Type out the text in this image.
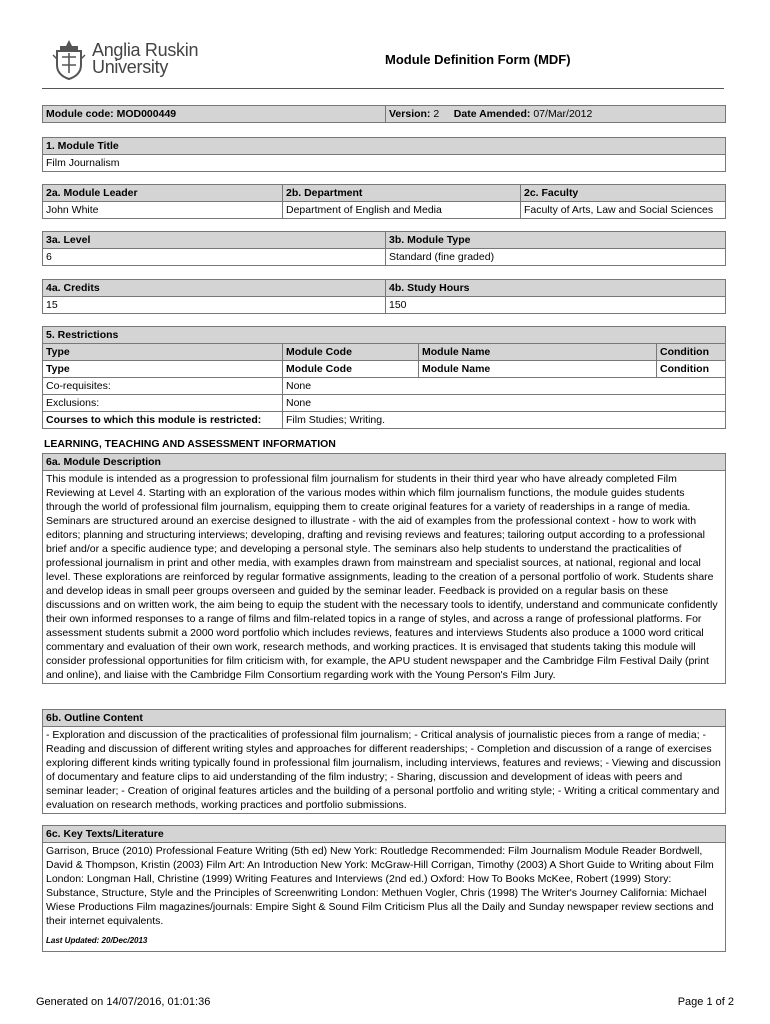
Anglia Ruskin
University	Module Definition Form (MDF)
Module code: MOD000449	Version: 2 Date Amended: 07/Mar/2012
1. Module Title
Film Journalism
2a. Module Leader	2b. Department	2c. Faculty
John White	Department of English and Media	Faculty of Arts, Law and Social Sciences
3a. Level	3b. Module Type
6	Standard (fine graded)
4a. Credits	4b. Study Hours
15	150
5. Restrictions			
Type	Module Code	Module Name	Condition
Type	Module Code	Module Name	Condition
Co-requisites:	None		
Exclusions:	None		
Courses to which this module is restricted:	Film Studies; Writing.		
LEARNING, TEACHING AND ASSESSMENT INFORMATION
6a. Module Description
This module is intended as a progression to professional film journalism for students in their third year who have already completed Film Reviewing at Level 4. Starting with an exploration of the various modes within which film journalism functions, the module guides students through the world of professional film journalism, equipping them to create original features for a variety of readerships in a range of media. Seminars are structured around an exercise designed to illustrate - with the aid of examples from the professional context - how to work with editors; planning and structuring interviews; developing, drafting and revising reviews and features; tailoring output according to a professional brief and/or a specific audience type; and developing a personal style. The seminars also help students to understand the practicalities of professional journalism in print and other media, with examples drawn from mainstream and specialist sources, at national, regional and local level. These explorations are reinforced by regular formative assignments, leading to the creation of a personal portfolio of work. Students share and develop ideas in small peer groups overseen and guided by the seminar leader. Feedback is provided on a regular basis on these discussions and on written work, the aim being to equip the student with the necessary tools to identify, understand and communicate confidently their own informed responses to a range of films and film-related topics in a range of styles, and across a range of professional platforms. For assessment students submit a 2000 word portfolio which includes reviews, features and interviews Students also produce a 1000 word critical commentary and evaluation of their own work, research methods, and working practices. It is envisaged that students taking this module will consider professional opportunities for film criticism with, for example, the APU student newspaper and the Cambridge Film Festival Daily (print and online), and liaise with the Cambridge Film Consortium regarding work with the Young Person's Film Jury.
6b. Outline Content
- Exploration and discussion of the practicalities of professional film journalism; - Critical analysis of journalistic pieces from a range of media; - Reading and discussion of different writing styles and approaches for different readerships; - Completion and discussion of a range of exercises exploring different kinds writing typically found in professional film journalism, including interviews, features and reviews; - Viewing and discussion of documentary and feature clips to aid understanding of the film industry; - Sharing, discussion and development of ideas with peers and seminar leader; - Creation of original features articles and the building of a personal portfolio and writing style; - Writing a critical commentary and evaluation on research methods, working practices and portfolio submissions.
6c. Key Texts/Literature
Garrison, Bruce (2010) Professional Feature Writing (5th ed) New York: Routledge Recommended: Film Journalism Module Reader Bordwell, David & Thompson, Kristin (2003) Film Art: An Introduction New York: McGraw-Hill Corrigan, Timothy (2003) A Short Guide to Writing about Film London: Longman Hall, Christine (1999) Writing Features and Interviews (2nd ed.) Oxford: How To Books McKee, Robert (1999) Story: Substance, Structure, Style and the Principles of Screenwriting London: Methuen Vogler, Chris (1998) The Writer's Journey California: Michael Wiese Productions Film magazines/journals: Empire Sight & Sound Film Criticism Plus all the Daily and Sunday newspaper review sections and their internet equivalents.
Last Updated: 20/Dec/2013
Generated on 14/07/2016, 01:01:36	Page 1 of 2
